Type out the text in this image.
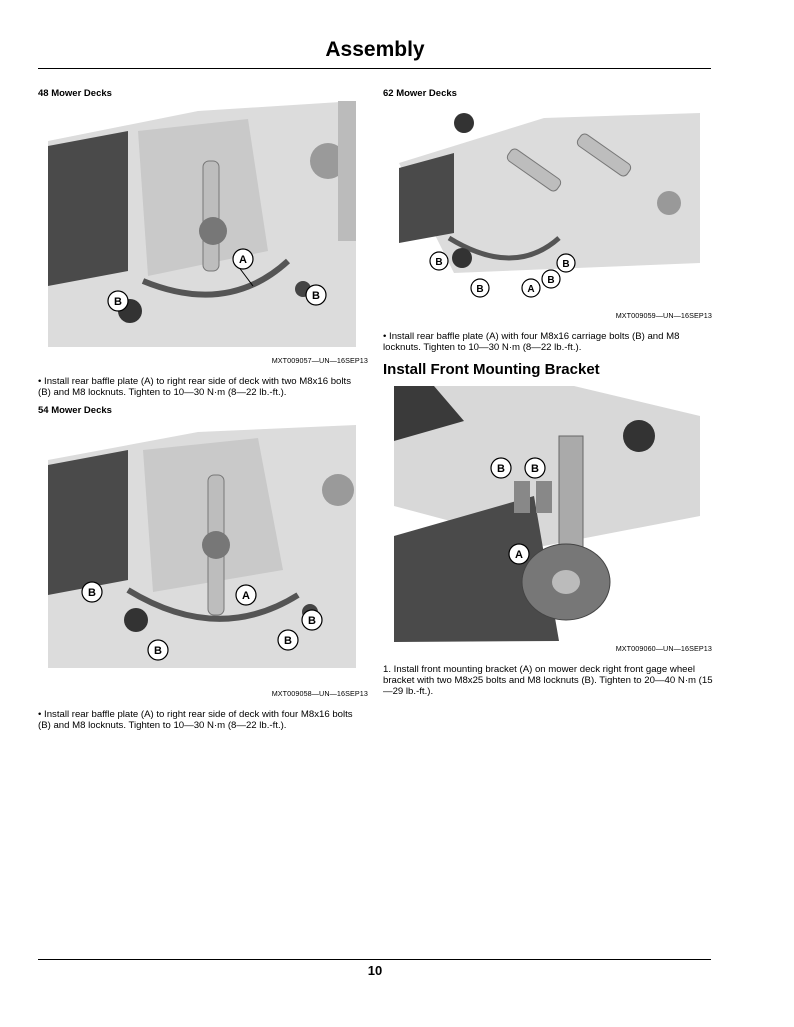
Assembly
48 Mower Decks
A
B	B
MXT009057—UN—16SEP13
• Install rear baffle plate (A) to right rear side of deck with two M8x16 bolts (B) and M8 locknuts. Tighten to 10—30 N·m (8—22 lb.-ft.).
54 Mower Decks
B	A
B
B
B
MXT009058—UN—16SEP13
• Install rear baffle plate (A) to right rear side of deck with four M8x16 bolts (B) and M8 locknuts. Tighten to 10—30 N·m (8—22 lb.-ft.).
62 Mower Decks
B
B	A
B
B
MXT009059—UN—16SEP13
• Install rear baffle plate (A) with four M8x16 carriage bolts (B) and M8 locknuts. Tighten to 10—30 N·m (8—22 lb.-ft.).
Install Front Mounting Bracket
B B
A
MXT009060—UN—16SEP13
1. Install front mounting bracket (A) on mower deck right front gage wheel bracket with two M8x25 bolts and M8 locknuts (B). Tighten to 20—40 N·m (15—29 lb.-ft.).
10
